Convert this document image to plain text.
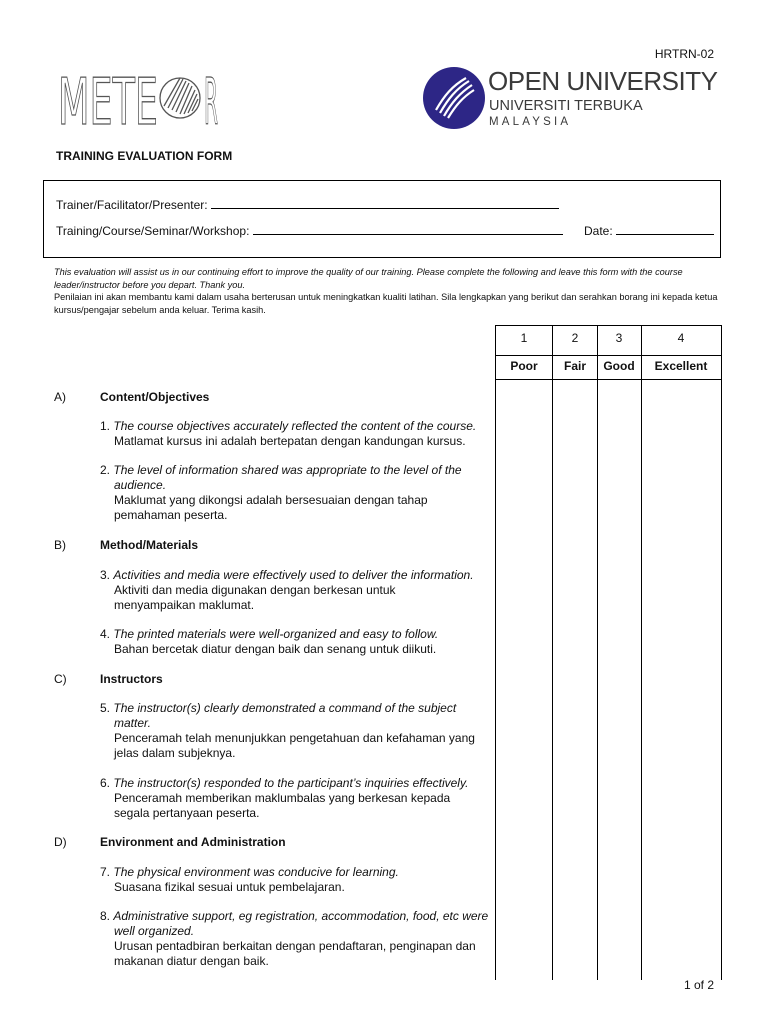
HRTRN-02
METE R
METEOR
OPEN UNIVERSITY
UNIVERSITI TERBUKA
MALAYSIA
TRAINING EVALUATION FORM
Trainer/Facilitator/Presenter:
Training/Course/Seminar/Workshop:	Date:
This evaluation will assist us in our continuing effort to improve the quality of our training. Please complete the following and leave this form with the course leader/instructor before you depart. Thank you.
Penilaian ini akan membantu kami dalam usaha berterusan untuk meningkatkan kualiti latihan. Sila lengkapkan yang berikut dan serahkan borang ini kepada ketua kursus/pengajar sebelum anda keluar. Terima kasih.
1	2	3	4
Poor Fair Good Excellent
A)	Content/Objectives
1. The course objectives accurately reflected the content of the course.
Matlamat kursus ini adalah bertepatan dengan kandungan kursus.
2. The level of information shared was appropriate to the level of the audience.
Maklumat yang dikongsi adalah bersesuaian dengan tahap pemahaman peserta.
B)	Method/Materials
3. Activities and media were effectively used to deliver the information.
Aktiviti dan media digunakan dengan berkesan untuk menyampaikan maklumat.
4. The printed materials were well-organized and easy to follow.
Bahan bercetak diatur dengan baik dan senang untuk diikuti.
C)	Instructors
5. The instructor(s) clearly demonstrated a command of the subject matter.
Penceramah telah menunjukkan pengetahuan dan kefahaman yang jelas dalam subjeknya.
6. The instructor(s) responded to the participant’s inquiries effectively.
Penceramah memberikan maklumbalas yang berkesan kepada segala pertanyaan peserta.
D)	Environment and Administration
7. The physical environment was conducive for learning.
Suasana fizikal sesuai untuk pembelajaran.
8. Administrative support, eg registration, accommodation, food, etc were well organized.
Urusan pentadbiran berkaitan dengan pendaftaran, penginapan dan makanan diatur dengan baik.
1 of 2
